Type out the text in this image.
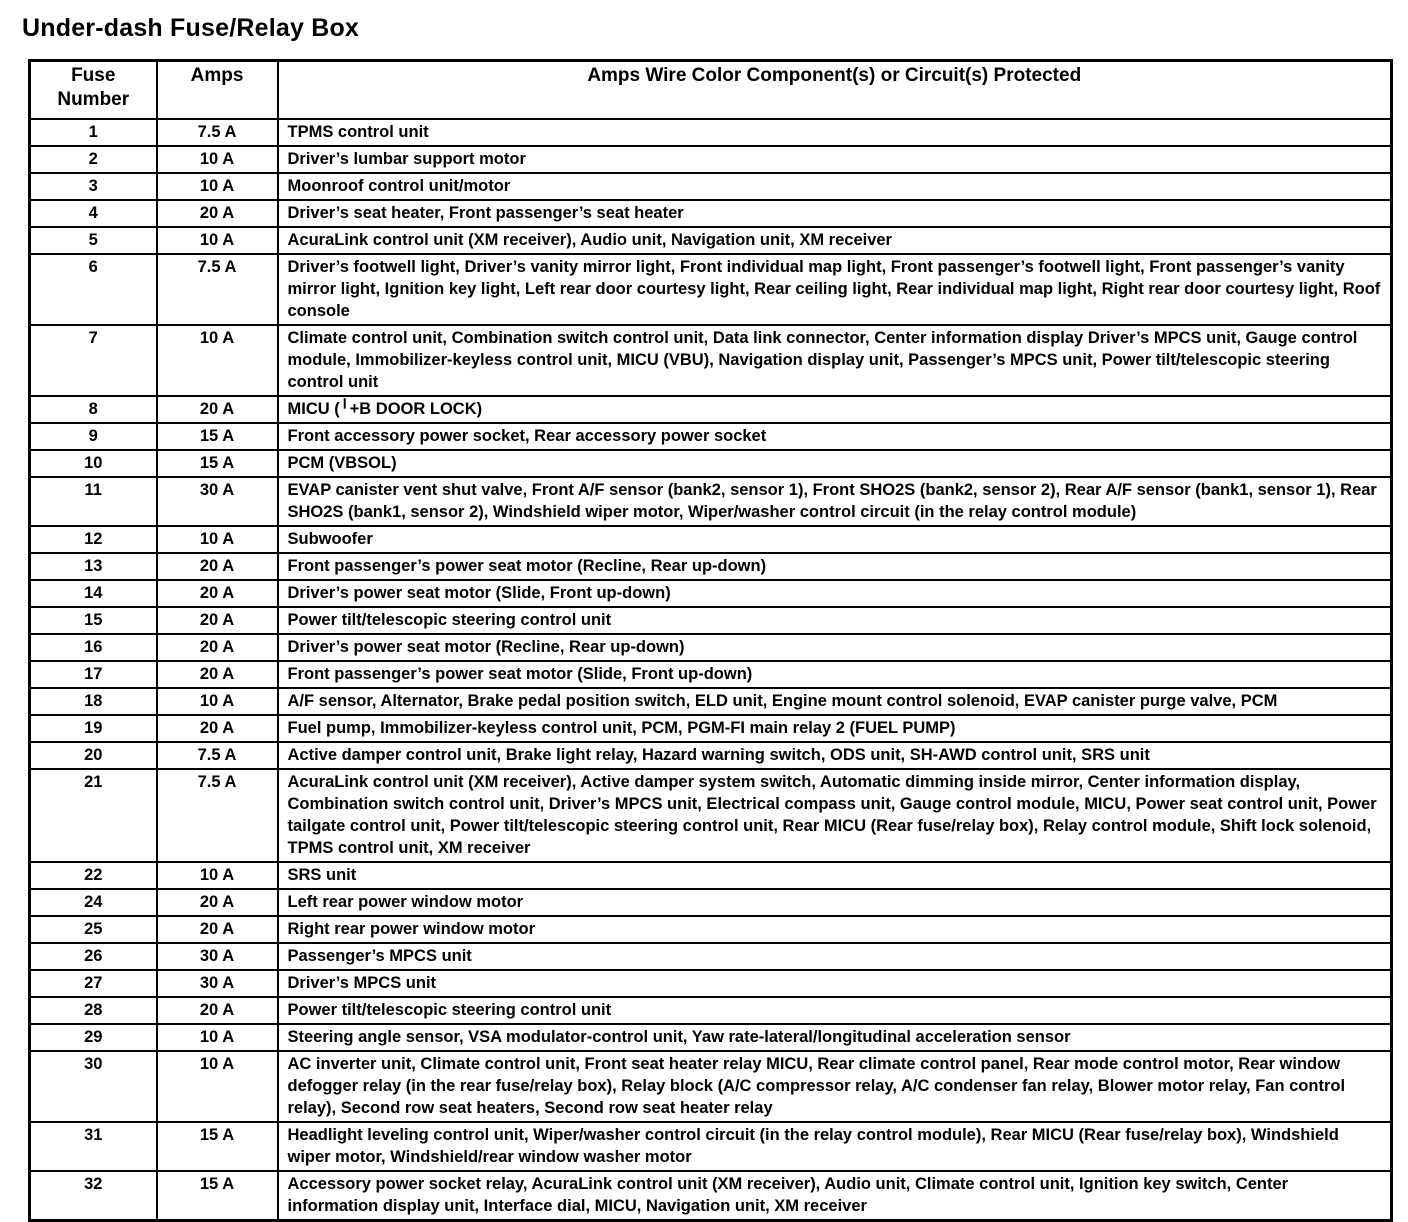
Under-dash Fuse/Relay Box
Fuse Number	Amps	Amps Wire Color Component(s) or Circuit(s) Protected
1	7.5 A	TPMS control unit
2	10 A	Driver’s lumbar support motor
3	10 A	Moonroof control unit/motor
4	20 A	Driver’s seat heater, Front passenger’s seat heater
5	10 A	AcuraLink control unit (XM receiver), Audio unit, Navigation unit, XM receiver
6	7.5 A	Driver’s footwell light, Driver’s vanity mirror light, Front individual map light, Front passenger’s footwell light, Front passenger’s vanity mirror light, Ignition key light, Left rear door courtesy light, Rear ceiling light, Rear individual map light, Right rear door courtesy light, Roof console
7	10 A	Climate control unit, Combination switch control unit, Data link connector, Center information display Driver’s MPCS unit, Gauge control module, Immobilizer-keyless control unit, MICU (VBU), Navigation display unit, Passenger’s MPCS unit, Power tilt/telescopic steering control unit
8	20 A	MICU (╵+B DOOR LOCK)
9	15 A	Front accessory power socket, Rear accessory power socket
10	15 A	PCM (VBSOL)
11	30 A	EVAP canister vent shut valve, Front A/F sensor (bank2, sensor 1), Front SHO2S (bank2, sensor 2), Rear A/F sensor (bank1, sensor 1), Rear SHO2S (bank1, sensor 2), Windshield wiper motor, Wiper/washer control circuit (in the relay control module)
12	10 A	Subwoofer
13	20 A	Front passenger’s power seat motor (Recline, Rear up-down)
14	20 A	Driver’s power seat motor (Slide, Front up-down)
15	20 A	Power tilt/telescopic steering control unit
16	20 A	Driver’s power seat motor (Recline, Rear up-down)
17	20 A	Front passenger’s power seat motor (Slide, Front up-down)
18	10 A	A/F sensor, Alternator, Brake pedal position switch, ELD unit, Engine mount control solenoid, EVAP canister purge valve, PCM
19	20 A	Fuel pump, Immobilizer-keyless control unit, PCM, PGM-FI main relay 2 (FUEL PUMP)
20	7.5 A	Active damper control unit, Brake light relay, Hazard warning switch, ODS unit, SH-AWD control unit, SRS unit
21	7.5 A	AcuraLink control unit (XM receiver), Active damper system switch, Automatic dimming inside mirror, Center information display, Combination switch control unit, Driver’s MPCS unit, Electrical compass unit, Gauge control module, MICU, Power seat control unit, Power tailgate control unit, Power tilt/telescopic steering control unit, Rear MICU (Rear fuse/relay box), Relay control module, Shift lock solenoid, TPMS control unit, XM receiver
22	10 A	SRS unit
24	20 A	Left rear power window motor
25	20 A	Right rear power window motor
26	30 A	Passenger’s MPCS unit
27	30 A	Driver’s MPCS unit
28	20 A	Power tilt/telescopic steering control unit
29	10 A	Steering angle sensor, VSA modulator-control unit, Yaw rate-lateral/longitudinal acceleration sensor
30	10 A	AC inverter unit, Climate control unit, Front seat heater relay MICU, Rear climate control panel, Rear mode control motor, Rear window defogger relay (in the rear fuse/relay box), Relay block (A/C compressor relay, A/C condenser fan relay, Blower motor relay, Fan control relay), Second row seat heaters, Second row seat heater relay
31	15 A	Headlight leveling control unit, Wiper/washer control circuit (in the relay control module), Rear MICU (Rear fuse/relay box), Windshield wiper motor, Windshield/rear window washer motor
32	15 A	Accessory power socket relay, AcuraLink control unit (XM receiver), Audio unit, Climate control unit, Ignition key switch, Center information display unit, Interface dial, MICU, Navigation unit, XM receiver
